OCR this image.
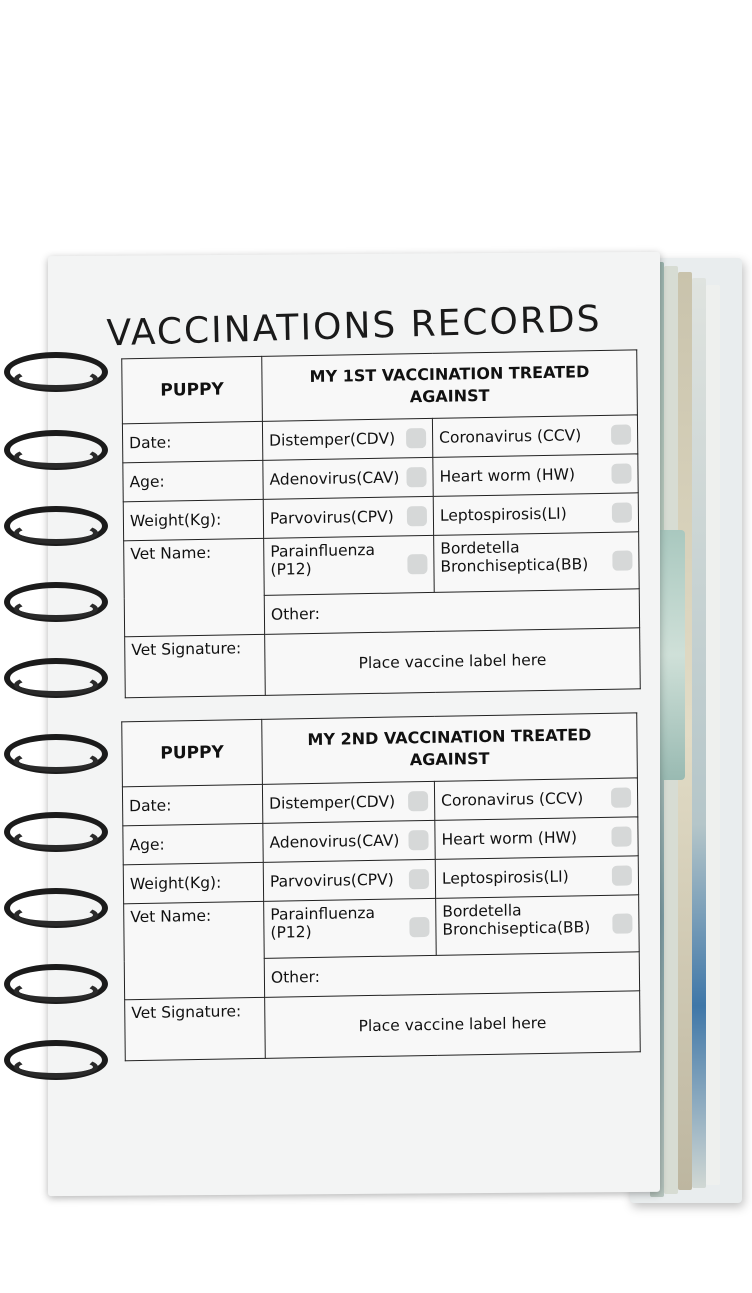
VACCINATIONS RECORDS
PUPPY	MY 1ST VACCINATION TREATED AGAINST	
Date:	Distemper(CDV)	Coronavirus (CCV)

Age:	Adenovirus(CAV)	Heart worm (HW)

Weight(Kg):	Parvovirus(CPV)	Leptospirosis(LI)

Vet Name:	Parainfluenza (P12)	Bordetella Bronchiseptica(BB)

	Other:	
Vet Signature:	Place vaccine label here	
PUPPY	MY 2ND VACCINATION TREATED AGAINST	
Date:	Distemper(CDV)	Coronavirus (CCV)

Age:	Adenovirus(CAV)	Heart worm (HW)

Weight(Kg):	Parvovirus(CPV)	Leptospirosis(LI)

Vet Name:	Parainfluenza (P12)	Bordetella Bronchiseptica(BB)

	Other:	
Vet Signature:	Place vaccine label here	
